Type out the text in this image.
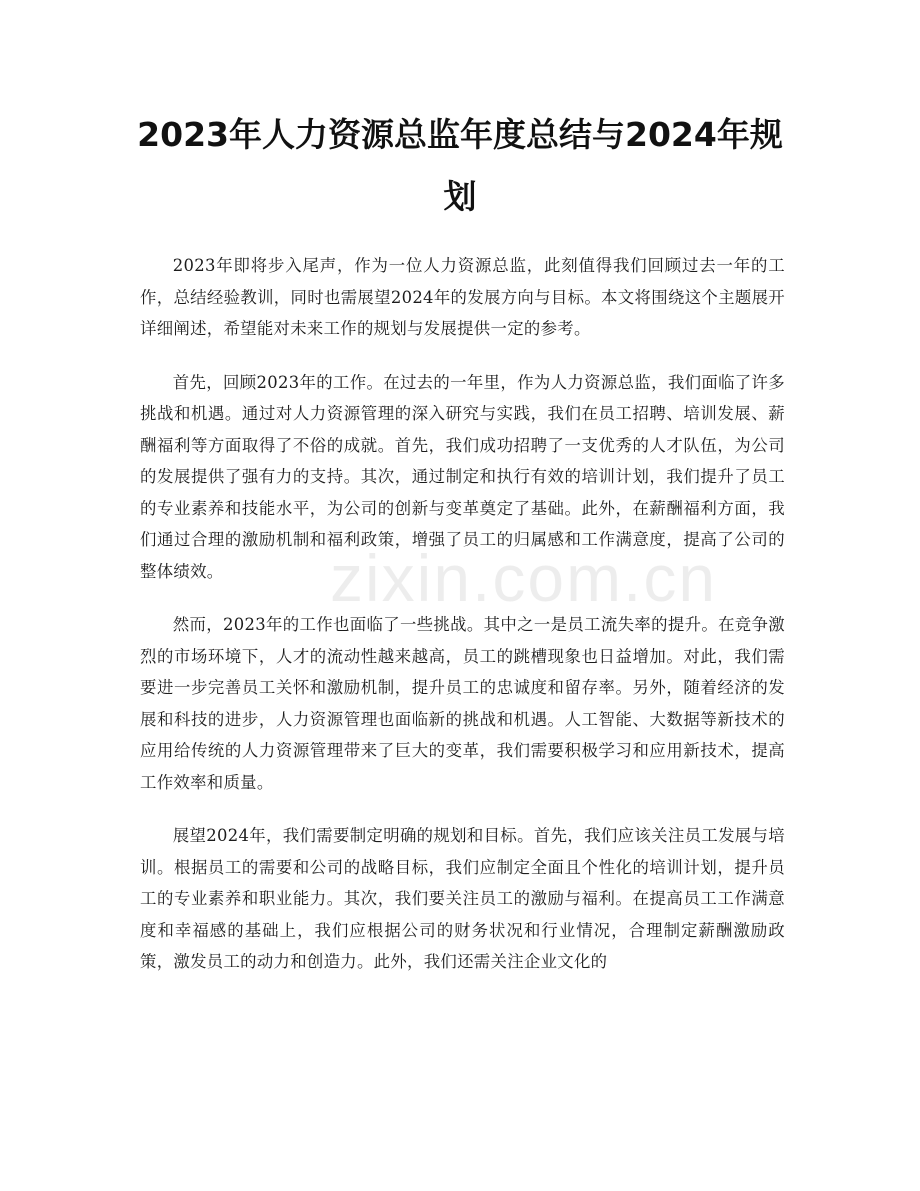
2023年人力资源总监年度总结与2024年规划

2023年即将步入尾声，作为一位人力资源总监，此刻值得我们回顾过去一年的工作，总结经验教训，同时也需展望2024年的发展方向与目标。本文将围绕这个主题展开详细阐述，希望能对未来工作的规划与发展提供一定的参考。

首先，回顾2023年的工作。在过去的一年里，作为人力资源总监，我们面临了许多挑战和机遇。通过对人力资源管理的深入研究与实践，我们在员工招聘、培训发展、薪酬福利等方面取得了不俗的成就。首先，我们成功招聘了一支优秀的人才队伍，为公司的发展提供了强有力的支持。其次，通过制定和执行有效的培训计划，我们提升了员工的专业素养和技能水平，为公司的创新与变革奠定了基础。此外，在薪酬福利方面，我们通过合理的激励机制和福利政策，增强了员工的归属感和工作满意度，提高了公司的整体绩效。

然而，2023年的工作也面临了一些挑战。其中之一是员工流失率的提升。在竞争激烈的市场环境下，人才的流动性越来越高，员工的跳槽现象也日益增加。对此，我们需要进一步完善员工关怀和激励机制，提升员工的忠诚度和留存率。另外，随着经济的发展和科技的进步，人力资源管理也面临新的挑战和机遇。人工智能、大数据等新技术的应用给传统的人力资源管理带来了巨大的变革，我们需要积极学习和应用新技术，提高工作效率和质量。

展望2024年，我们需要制定明确的规划和目标。首先，我们应该关注员工发展与培训。根据员工的需要和公司的战略目标，我们应制定全面且个性化的培训计划，提升员工的专业素养和职业能力。其次，我们要关注员工的激励与福利。在提高员工工作满意度和幸福感的基础上，我们应根据公司的财务状况和行业情况，合理制定薪酬激励政策，激发员工的动力和创造力。此外，我们还需关注企业文化的

zixin.com.cn
